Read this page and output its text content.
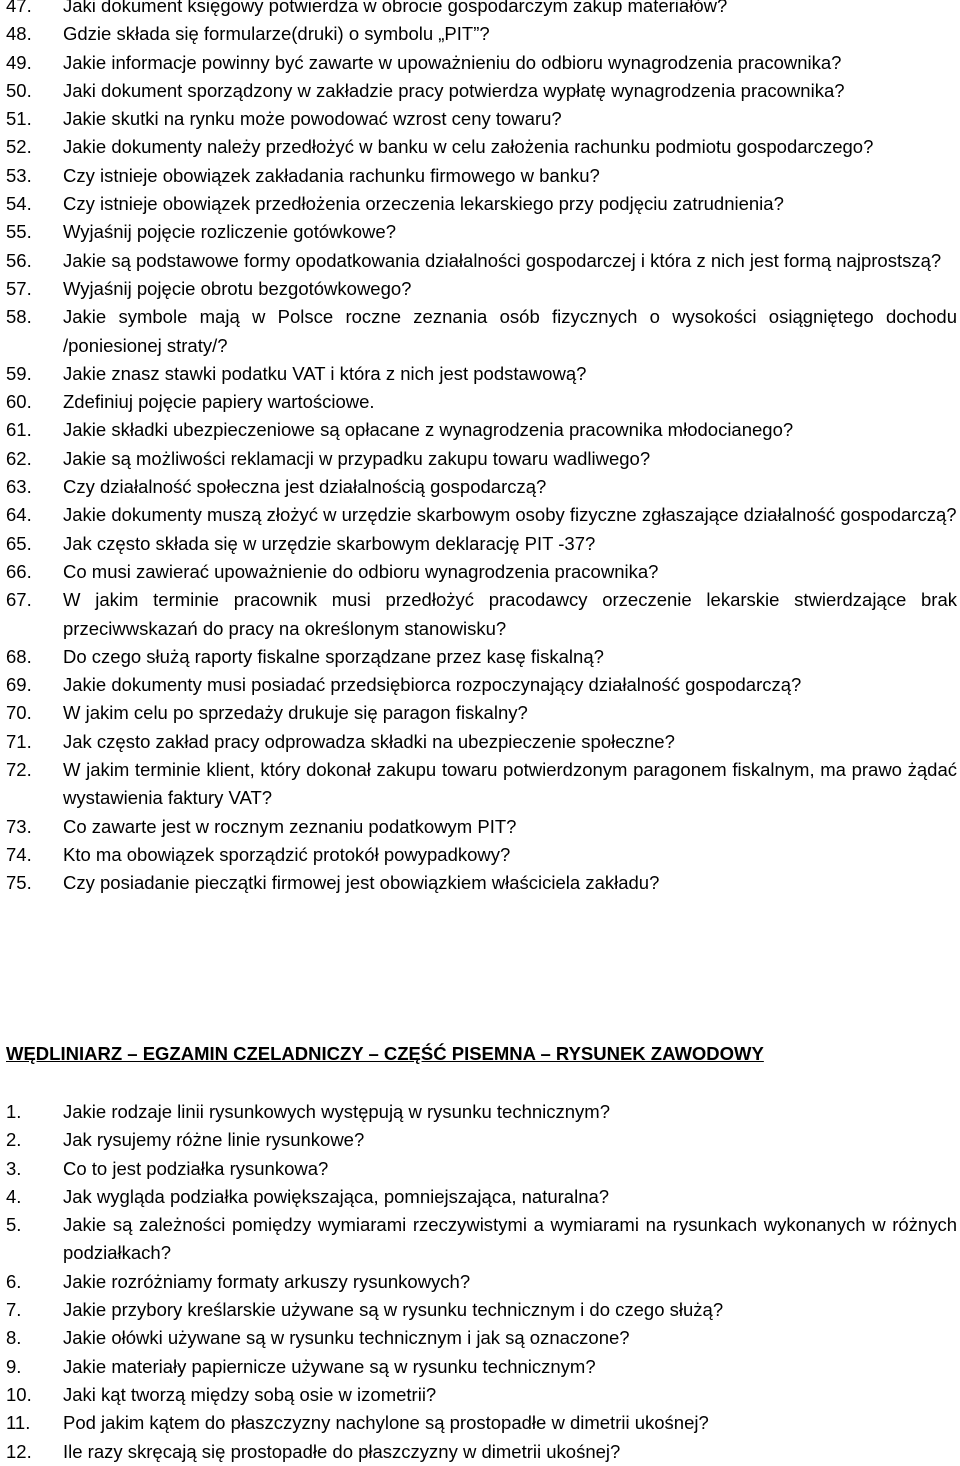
47. Jaki dokument księgowy potwierdza w obrocie gospodarczym zakup materiałów?
48. Gdzie składa się formularze(druki) o symbolu „PIT”?
49. Jakie informacje powinny być zawarte w upoważnieniu do odbioru wynagrodzenia pracownika?
50. Jaki dokument sporządzony w zakładzie pracy potwierdza wypłatę wynagrodzenia pracownika?
51. Jakie skutki na rynku może powodować wzrost ceny towaru?
52. Jakie dokumenty należy przedłożyć w banku w celu założenia rachunku podmiotu gospodarczego?
53. Czy istnieje obowiązek zakładania rachunku firmowego w banku?
54. Czy istnieje obowiązek przedłożenia orzeczenia lekarskiego przy podjęciu zatrudnienia?
55. Wyjaśnij pojęcie rozliczenie gotówkowe?
56. Jakie są podstawowe formy opodatkowania działalności gospodarczej i która z nich jest formą najprostszą?
57. Wyjaśnij pojęcie obrotu bezgotówkowego?
58. Jakie symbole mają w Polsce roczne zeznania osób fizycznych o wysokości osiągniętego dochodu /poniesionej straty/?
59. Jakie znasz stawki podatku VAT i która z nich jest podstawową?
60. Zdefiniuj pojęcie papiery wartościowe.
61. Jakie składki ubezpieczeniowe są opłacane z wynagrodzenia pracownika młodocianego?
62. Jakie są możliwości reklamacji w przypadku zakupu towaru wadliwego?
63. Czy działalność społeczna jest działalnością gospodarczą?
64. Jakie dokumenty muszą złożyć w urzędzie skarbowym osoby fizyczne zgłaszające działalność gospodarczą?
65. Jak często składa się w urzędzie skarbowym deklarację PIT -37?
66. Co musi zawierać upoważnienie do odbioru wynagrodzenia pracownika?
67. W jakim terminie pracownik musi przedłożyć pracodawcy orzeczenie lekarskie stwierdzające brak przeciwwskazań do pracy na określonym stanowisku?
68. Do czego służą raporty fiskalne sporządzane przez kasę fiskalną?
69. Jakie dokumenty musi posiadać przedsiębiorca rozpoczynający działalność gospodarczą?
70. W jakim celu po sprzedaży drukuje się paragon fiskalny?
71. Jak często zakład pracy odprowadza składki na ubezpieczenie społeczne?
72. W jakim terminie klient, który dokonał zakupu towaru potwierdzonym paragonem fiskalnym, ma prawo żądać wystawienia faktury VAT?
73. Co zawarte jest w rocznym zeznaniu podatkowym PIT?
74. Kto ma obowiązek sporządzić protokół powypadkowy?
75. Czy posiadanie pieczątki firmowej jest obowiązkiem właściciela zakładu?
WĘDLINIARZ – EGZAMIN CZELADNICZY – CZĘŚĆ PISEMNA – RYSUNEK ZAWODOWY
1. Jakie rodzaje linii rysunkowych występują w rysunku technicznym?
2. Jak rysujemy różne linie rysunkowe?
3. Co to jest podziałka rysunkowa?
4. Jak wygląda podziałka powiększająca, pomniejszająca, naturalna?
5. Jakie są zależności pomiędzy wymiarami rzeczywistymi a wymiarami na rysunkach wykonanych w różnych podziałkach?
6. Jakie rozróżniamy formaty arkuszy rysunkowych?
7. Jakie przybory kreślarskie używane są w rysunku technicznym i do czego służą?
8. Jakie ołówki używane są w rysunku technicznym i jak są oznaczone?
9. Jakie materiały papiernicze używane są w rysunku technicznym?
10. Jaki kąt tworzą między sobą osie w izometrii?
11. Pod jakim kątem do płaszczyzny nachylone są prostopadłe w dimetrii ukośnej?
12. Ile razy skręcają się prostopadłe do płaszczyzny w dimetrii ukośnej?
